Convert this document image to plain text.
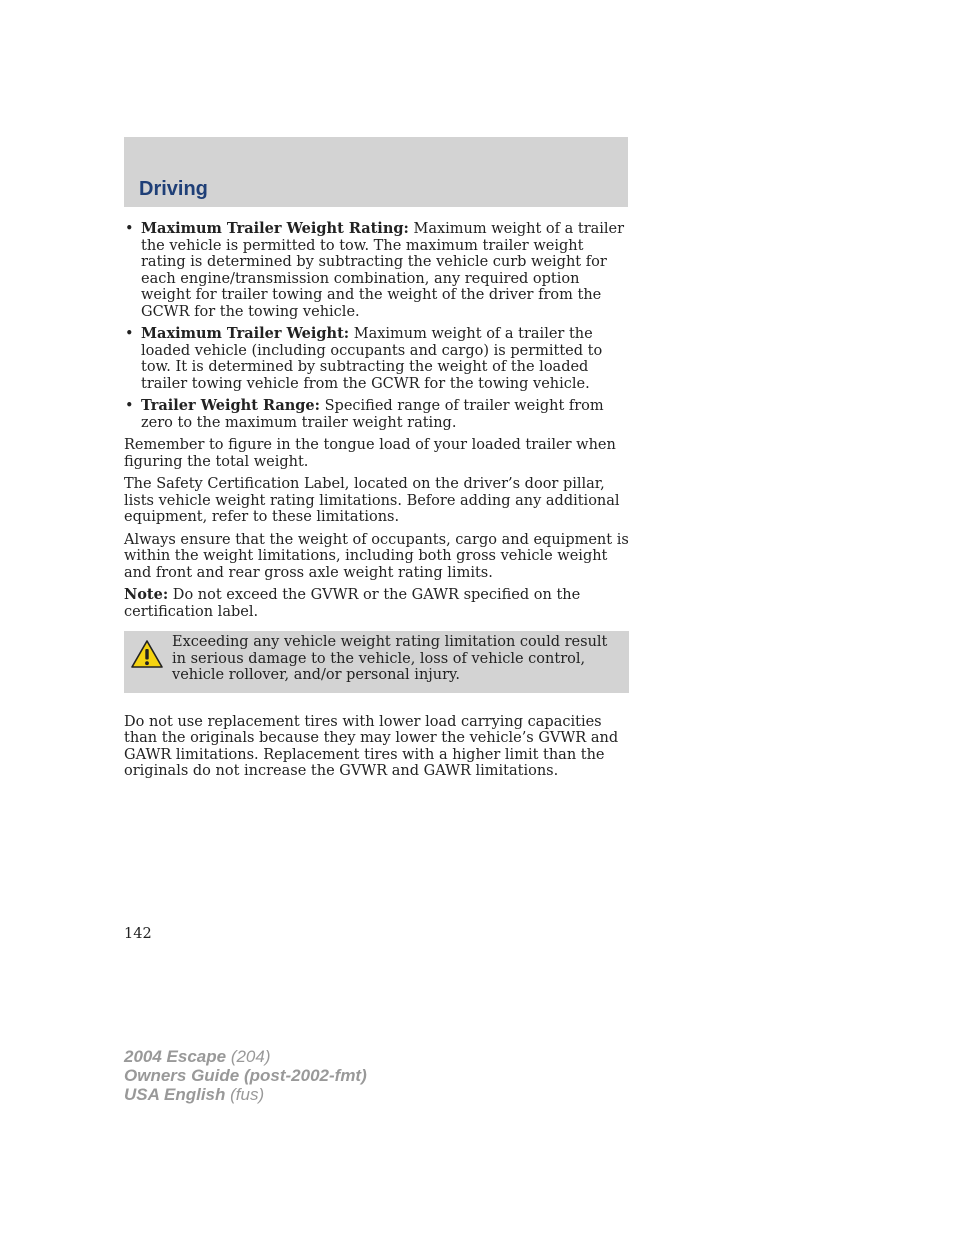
Driving
• Maximum Trailer Weight Rating: Maximum weight of a trailer the vehicle is permitted to tow. The maximum trailer weight rating is determined by subtracting the vehicle curb weight for each engine/transmission combination, any required option weight for trailer towing and the weight of the driver from the GCWR for the towing vehicle.
• Maximum Trailer Weight: Maximum weight of a trailer the loaded vehicle (including occupants and cargo) is permitted to tow. It is determined by subtracting the weight of the loaded trailer towing vehicle from the GCWR for the towing vehicle.
• Trailer Weight Range: Specified range of trailer weight from zero to the maximum trailer weight rating.

Remember to figure in the tongue load of your loaded trailer when figuring the total weight.

The Safety Certification Label, located on the driver’s door pillar, lists vehicle weight rating limitations. Before adding any additional equipment, refer to these limitations.

Always ensure that the weight of occupants, cargo and equipment is within the weight limitations, including both gross vehicle weight and front and rear gross axle weight rating limits.

Note: Do not exceed the GVWR or the GAWR specified on the certification label.

Exceeding any vehicle weight rating limitation could result in serious damage to the vehicle, loss of vehicle control, vehicle rollover, and/or personal injury.

Do not use replacement tires with lower load carrying capacities than the originals because they may lower the vehicle’s GVWR and GAWR limitations. Replacement tires with a higher limit than the originals do not increase the GVWR and GAWR limitations.

142
2004 Escape (204)
Owners Guide (post-2002-fmt)
USA English (fus)
